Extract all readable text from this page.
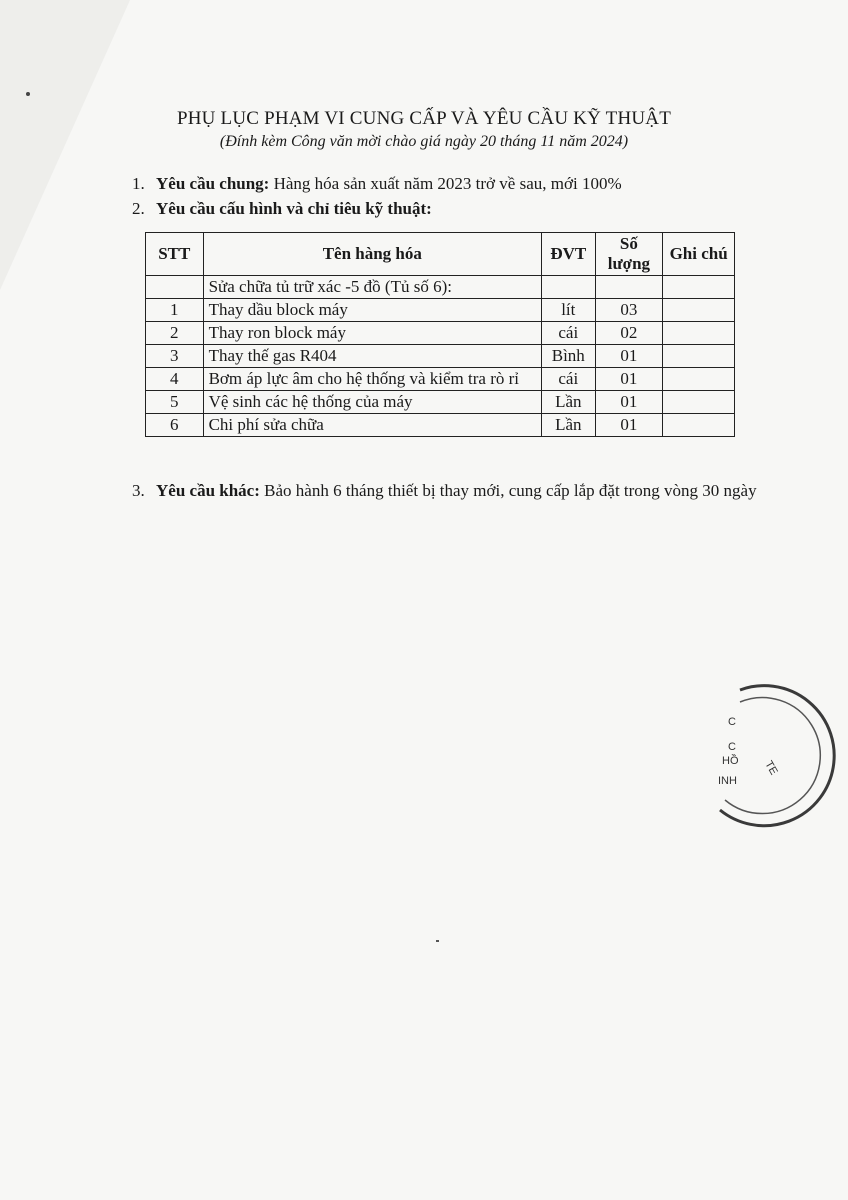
PHỤ LỤC PHẠM VI CUNG CẤP VÀ YÊU CẦU KỸ THUẬT
(Đính kèm Công văn mời chào giá ngày 20 tháng 11 năm 2024)
1. Yêu cầu chung: Hàng hóa sản xuất năm 2023 trở về sau, mới 100%
2. Yêu cầu cấu hình và chỉ tiêu kỹ thuật:
STT	Tên hàng hóa	ĐVT	Số lượng	Ghi chú
	Sửa chữa tủ trữ xác -5 đồ (Tủ số 6):			
1	Thay dầu block máy	lít	03	
2	Thay ron block máy	cái	02	
3	Thay thế gas R404	Bình	01	
4	Bơm áp lực âm cho hệ thống và kiểm tra rò rỉ	cái	01	
5	Vệ sinh các hệ thống của máy	Lần	01	
6	Chi phí sửa chữa	Lần	01	
3. Yêu cầu khác: Bảo hành 6 tháng thiết bị thay mới, cung cấp lắp đặt trong vòng 30 ngày
C
C
HỒ
INH
TE
